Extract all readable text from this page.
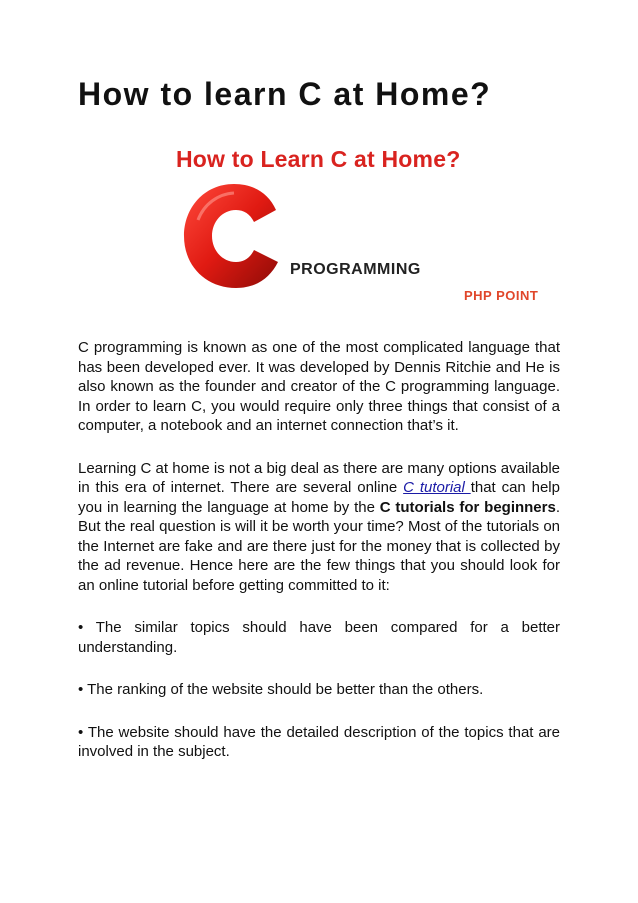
How to learn C at Home?
How to Learn C at Home?
PROGRAMMING
PHP POINT

C programming is known as one of the most complicated language that has been developed ever. It was developed by Dennis Ritchie and He is also known as the founder and creator of the C programming language. In order to learn C, you would require only three things that consist of a computer, a notebook and an internet connection that’s it.

Learning C at home is not a big deal as there are many options available in this era of internet. There are several online C tutorial that can help you in learning the language at home by the C tutorials for beginners. But the real question is will it be worth your time? Most of the tutorials on the Internet are fake and are there just for the money that is collected by the ad revenue. Hence here are the few things that you should look for an online tutorial before getting committed to it:

• The similar topics should have been compared for a better understanding.

• The ranking of the website should be better than the others.

• The website should have the detailed description of the topics that are involved in the subject.
